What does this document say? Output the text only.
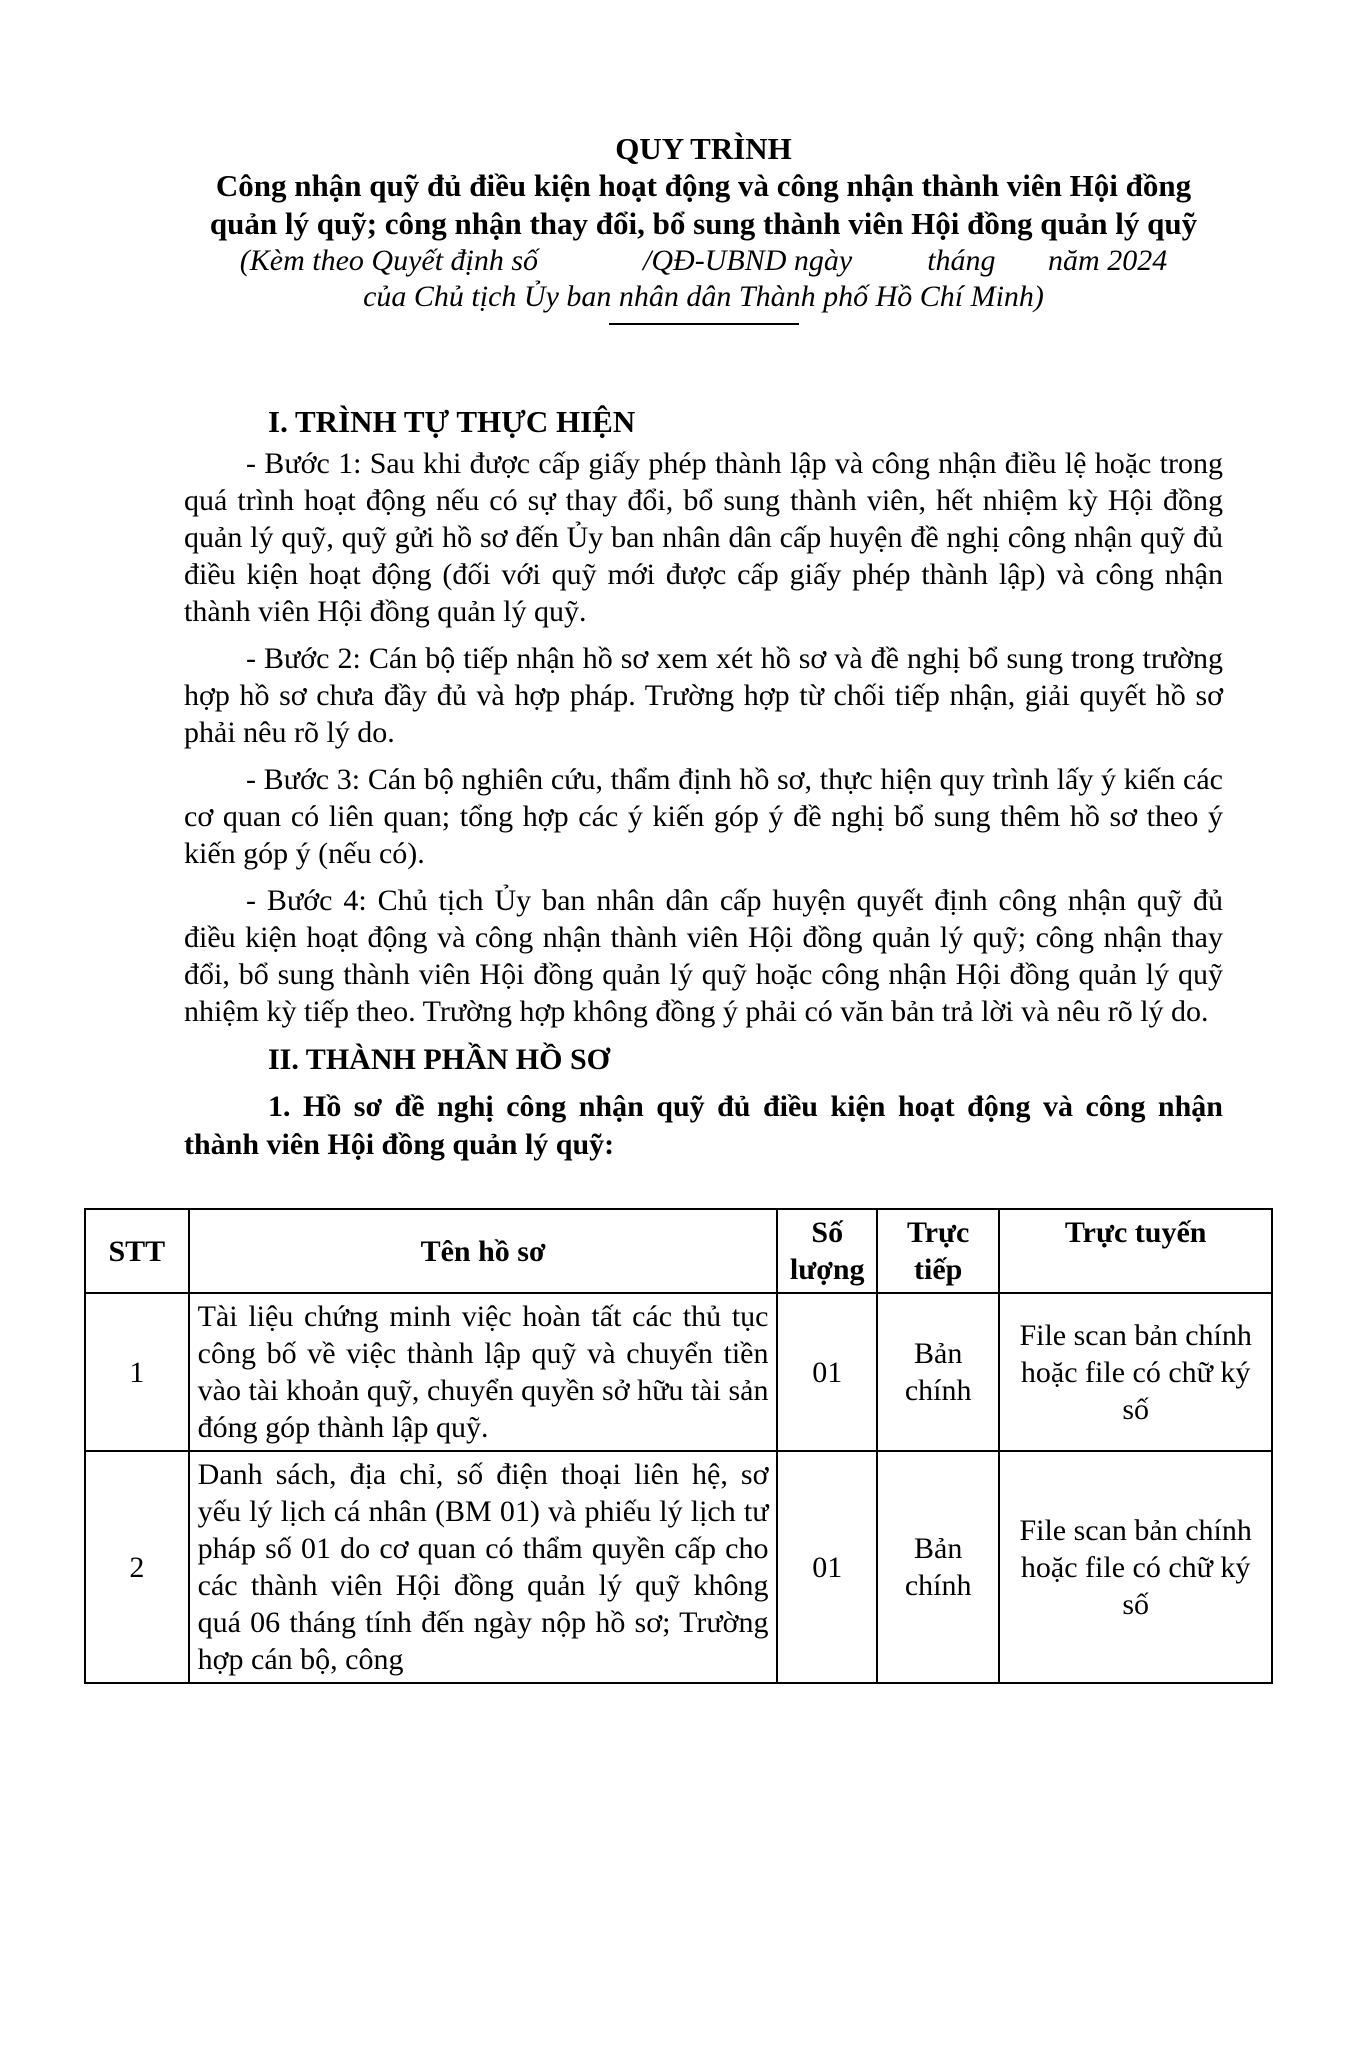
QUY TRÌNH
Công nhận quỹ đủ điều kiện hoạt động và công nhận thành viên Hội đồng
quản lý quỹ; công nhận thay đổi, bổ sung thành viên Hội đồng quản lý quỹ
(Kèm theo Quyết định số              /QĐ-UBND ngày          tháng       năm 2024
của Chủ tịch Ủy ban nhân dân Thành phố Hồ Chí Minh)
I. TRÌNH TỰ THỰC HIỆN

- Bước 1: Sau khi được cấp giấy phép thành lập và công nhận điều lệ hoặc trong quá trình hoạt động nếu có sự thay đổi, bổ sung thành viên, hết nhiệm kỳ Hội đồng quản lý quỹ, quỹ gửi hồ sơ đến Ủy ban nhân dân cấp huyện đề nghị công nhận quỹ đủ điều kiện hoạt động (đối với quỹ mới được cấp giấy phép thành lập) và công nhận thành viên Hội đồng quản lý quỹ.

- Bước 2: Cán bộ tiếp nhận hồ sơ xem xét hồ sơ và đề nghị bổ sung trong trường hợp hồ sơ chưa đầy đủ và hợp pháp. Trường hợp từ chối tiếp nhận, giải quyết hồ sơ phải nêu rõ lý do.

- Bước 3: Cán bộ nghiên cứu, thẩm định hồ sơ, thực hiện quy trình lấy ý kiến các cơ quan có liên quan; tổng hợp các ý kiến góp ý đề nghị bổ sung thêm hồ sơ theo ý kiến góp ý (nếu có).

- Bước 4: Chủ tịch Ủy ban nhân dân cấp huyện quyết định công nhận quỹ đủ điều kiện hoạt động và công nhận thành viên Hội đồng quản lý quỹ; công nhận thay đổi, bổ sung thành viên Hội đồng quản lý quỹ hoặc công nhận Hội đồng quản lý quỹ nhiệm kỳ tiếp theo. Trường hợp không đồng ý phải có văn bản trả lời và nêu rõ lý do.

II. THÀNH PHẦN HỒ SƠ
1. Hồ sơ đề nghị công nhận quỹ đủ điều kiện hoạt động và công nhận thành viên Hội đồng quản lý quỹ:
STT	Tên hồ sơ	Số lượng	Trực tiếp	Trực tuyến
1	Tài liệu chứng minh việc hoàn tất các thủ tục công bố về việc thành lập quỹ và chuyển tiền vào tài khoản quỹ, chuyển quyền sở hữu tài sản đóng góp thành lập quỹ.	01	Bản chính	File scan bản chính hoặc file có chữ ký số
2	Danh sách, địa chỉ, số điện thoại liên hệ, sơ yếu lý lịch cá nhân (BM 01) và phiếu lý lịch tư pháp số 01 do cơ quan có thẩm quyền cấp cho các thành viên Hội đồng quản lý quỹ không quá 06 tháng tính đến ngày nộp hồ sơ; Trường hợp cán bộ, công	01	Bản chính	File scan bản chính hoặc file có chữ ký số
